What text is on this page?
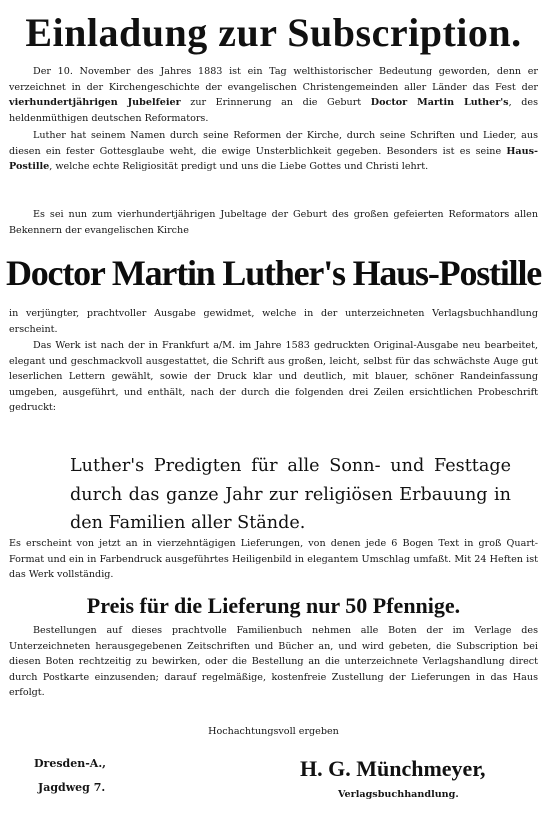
Einladung zur Subscription.

Der 10. November des Jahres 1883 ist ein Tag welthistorischer Bedeutung geworden, denn er verzeichnet in der Kirchengeschichte der evangelischen Christengemeinden aller Länder das Fest der vierhundertjährigen Jubelfeier zur Erinnerung an die Geburt Doctor Martin Luther's, des heldenmüthigen deutschen Reformators.

Luther hat seinem Namen durch seine Reformen der Kirche, durch seine Schriften und Lieder, aus diesen ein fester Gottesglaube weht, die ewige Unsterblichkeit gegeben. Besonders ist es seine Haus-Postille, welche echte Religiosität predigt und uns die Liebe Gottes und Christi lehrt.

Es sei nun zum vierhundertjährigen Jubeltage der Geburt des großen gefeierten Reformators allen Bekennern der evangelischen Kirche

Doctor Martin Luther's Haus-Postille

in verjüngter, prachtvoller Ausgabe gewidmet, welche in der unterzeichneten Verlagsbuchhandlung erscheint.

Das Werk ist nach der in Frankfurt a/M. im Jahre 1583 gedruckten Original-Ausgabe neu bearbeitet, elegant und geschmackvoll ausgestattet, die Schrift aus großen, leicht, selbst für das schwächste Auge gut leserlichen Lettern gewählt, sowie der Druck klar und deutlich, mit blauer, schöner Randeinfassung umgeben, ausgeführt, und enthält, nach der durch die folgenden drei Zeilen ersichtlichen Probeschrift gedruckt:

Luther's Predigten für alle Sonn- und Festtage durch das ganze Jahr zur religiösen Erbauung in den Familien aller Stände.

Es erscheint von jetzt an in vierzehntägigen Lieferungen, von denen jede 6 Bogen Text in groß Quart-Format und ein in Farbendruck ausgeführtes Heiligenbild in elegantem Umschlag umfaßt. Mit 24 Heften ist das Werk vollständig.

Preis für die Lieferung nur 50 Pfennige.

Bestellungen auf dieses prachtvolle Familienbuch nehmen alle Boten der im Verlage des Unterzeichneten herausgegebenen Zeitschriften und Bücher an, und wird gebeten, die Subscription bei diesen Boten rechtzeitig zu bewirken, oder die Bestellung an die unterzeichnete Verlagshandlung direct durch Postkarte einzusenden; darauf regelmäßige, kostenfreie Zustellung der Lieferungen in das Haus erfolgt.

Hochachtungsvoll ergeben

Dresden-A.,
Jagdweg 7.

H. G. Münchmeyer,

Verlagsbuchhandlung.
